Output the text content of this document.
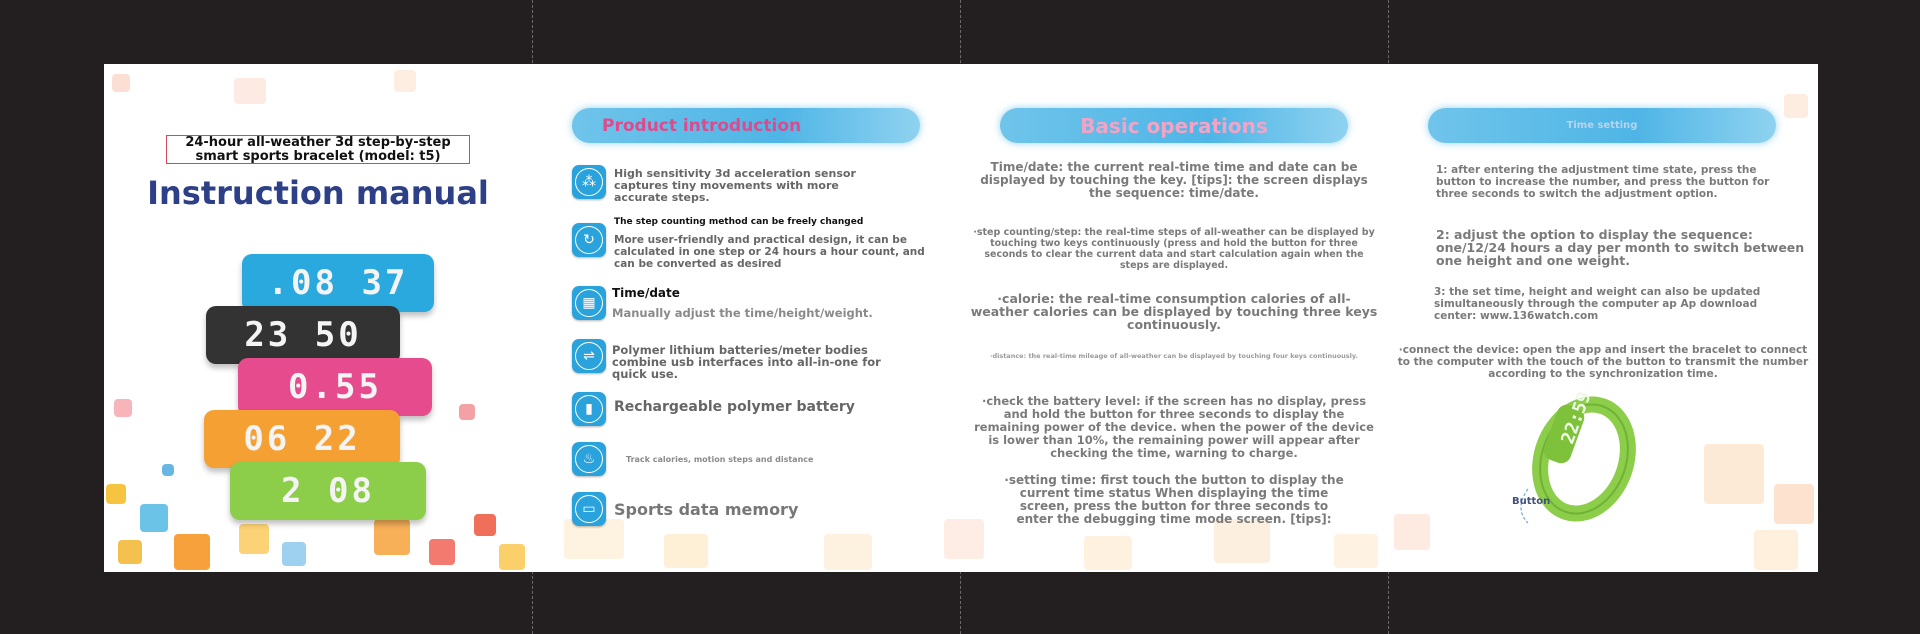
24-hour all-weather 3d step-by-step
smart sports bracelet (model: t5)
Instruction manual
.08 37
23 50
0.55
06 22
2 08
Product introduction
⁂
High sensitivity 3d acceleration sensor captures tiny movements with more accurate steps.
↻
The step counting method can be freely changed
More user-friendly and practical design, it can be calculated in one step or 24 hours a hour count, and can be converted as desired
▦
Time/date
Manually adjust the time/height/weight.
⇌	Polymer lithium batteries/meter bodies combine usb interfaces into all-in-one for quick use.
▮	Rechargeable polymer battery
♨	Track calories, motion steps and distance
▭	Sports data memory
Basic operations
Time/date: the current real-time time and date can be displayed by touching the key. [tips]: the screen displays the sequence: time/date.
·step counting/step: the real-time steps of all-weather can be displayed by touching two keys continuously (press and hold the button for three seconds to clear the current data and start calculation again when the steps are displayed.
·calorie: the real-time consumption calories of all-weather calories can be displayed by touching three keys continuously.
·distance: the real-time mileage of all-weather can be displayed by touching four keys continuously.
·check the battery level: if the screen has no display, press and hold the button for three seconds to display the remaining power of the device. when the power of the device is lower than 10%, the remaining power will appear after checking the time, warning to charge.
·setting time: first touch the button to display the current time status When displaying the time screen, press the button for three seconds to enter the debugging time mode screen. [tips]:
Time setting
1: after entering the adjustment time state, press the button to increase the number, and press the button for three seconds to switch the adjustment option.
2: adjust the option to display the sequence: one/12/24 hours a day per month to switch between one height and one weight.
3: the set time, height and weight can also be updated simultaneously through the computer ap Ap download center: www.136watch.com
·connect the device: open the app and insert the bracelet to connect to the computer with the touch of the button to transmit the number according to the synchronization time.
22:59
Button
